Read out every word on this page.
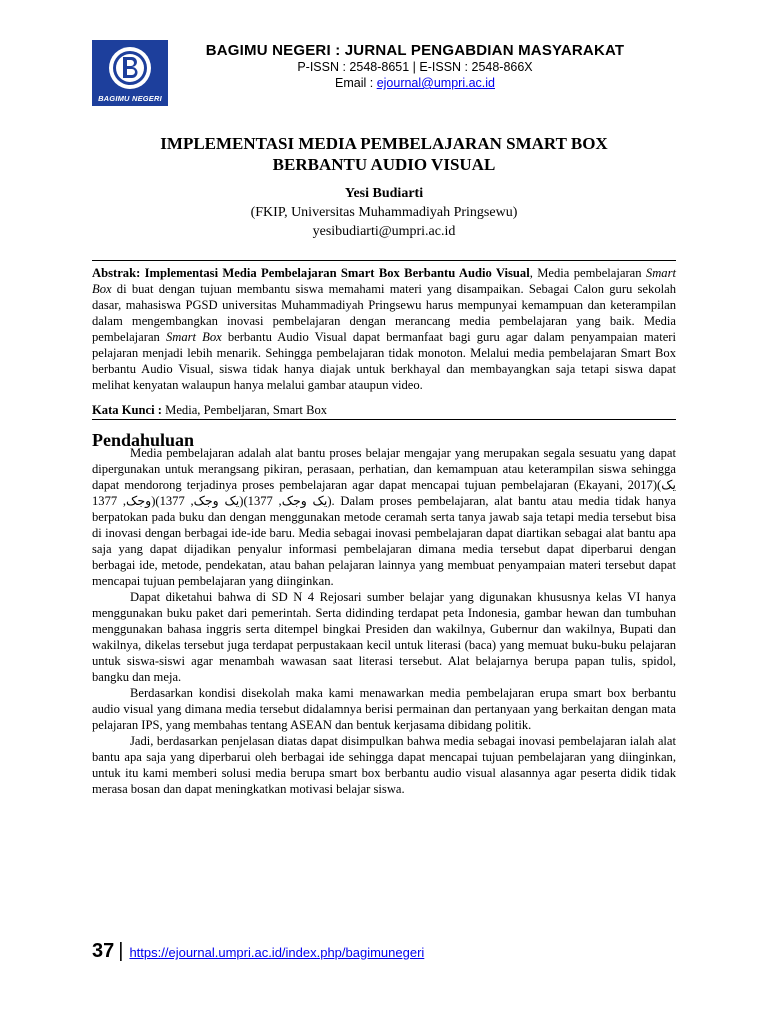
BAGIMU NEGERI
BAGIMU NEGERI : JURNAL PENGABDIAN MASYARAKAT
P-ISSN : 2548-8651 | E-ISSN : 2548-866X
Email : ejournal@umpri.ac.id
IMPLEMENTASI MEDIA PEMBELAJARAN SMART BOX
BERBANTU AUDIO VISUAL
Yesi Budiarti
(FKIP, Universitas Muhammadiyah Pringsewu)
yesibudiarti@umpri.ac.id

Abstrak: Implementasi Media Pembelajaran Smart Box Berbantu Audio Visual, Media pembelajaran Smart Box di buat dengan tujuan membantu siswa memahami materi yang disampaikan. Sebagai Calon guru sekolah dasar, mahasiswa PGSD universitas Muhammadiyah Pringsewu harus mempunyai kemampuan dan keterampilan dalam mengembangkan inovasi pembelajaran dengan merancang media pembelajaran yang baik. Media pembelajaran Smart Box berbantu Audio Visual dapat bermanfaat bagi guru agar dalam penyampaian materi pelajaran menjadi lebih menarik. Sehingga pembelajaran tidak monoton. Melalui media pembelajaran Smart Box berbantu Audio Visual, siswa tidak hanya diajak untuk berkhayal dan membayangkan saja tetapi siswa dapat melihat kenyatan walaupun hanya melalui gambar ataupun video.

Kata Kunci : Media, Pembeljaran, Smart Box

Pendahuluan

Media pembelajaran adalah alat bantu proses belajar mengajar yang merupakan segala sesuatu yang dapat dipergunakan untuk merangsang pikiran, perasaan, perhatian, dan kemampuan atau keterampilan siswa sehingga dapat mendorong terjadinya proses pembelajaran agar dapat mencapai tujuan pembelajaran (Ekayani, 2017)(یک وجک, 1377)(یک وجک, 1377)(یک وجک, 1377). Dalam proses pembelajaran, alat bantu atau media tidak hanya berpatokan pada buku dan dengan menggunakan metode ceramah serta tanya jawab saja tetapi media tersebut bisa di inovasi dengan berbagai ide-ide baru. Media sebagai inovasi pembelajaran dapat diartikan sebagai alat bantu apa saja yang dapat dijadikan penyalur informasi pembelajaran dimana media tersebut dapat diperbarui dengan berbagai ide, metode, pendekatan, atau bahan pelajaran lainnya yang membuat penyampaian materi tersebut dapat mencapai tujuan pembelajaran yang diinginkan.

Dapat diketahui bahwa di SD N 4 Rejosari sumber belajar yang digunakan khususnya kelas VI hanya menggunakan buku paket dari pemerintah. Serta didinding terdapat peta Indonesia, gambar hewan dan tumbuhan menggunakan bahasa inggris serta ditempel bingkai Presiden dan wakilnya, Gubernur dan wakilnya, Bupati dan wakilnya, dikelas tersebut juga terdapat perpustakaan kecil untuk literasi (baca) yang memuat buku-buku pelajaran untuk siswa-siswi agar menambah wawasan saat literasi tersebut. Alat belajarnya berupa papan tulis, spidol, bangku dan meja.

Berdasarkan kondisi disekolah maka kami menawarkan media pembelajaran erupa smart box berbantu audio visual yang dimana media tersebut didalamnya berisi permainan dan pertanyaan yang berkaitan dengan mata pelajaran IPS, yang membahas tentang ASEAN dan bentuk kerjasama dibidang politik.

Jadi, berdasarkan penjelasan diatas dapat disimpulkan bahwa media sebagai inovasi pembelajaran ialah alat bantu apa saja yang diperbarui oleh berbagai ide sehingga dapat mencapai tujuan pembelajaran yang diinginkan, untuk itu kami memberi solusi media berupa smart box berbantu audio visual alasannya agar peserta didik tidak merasa bosan dan dapat meningkatkan motivasi belajar siswa.

37 | https://ejournal.umpri.ac.id/index.php/bagimunegeri
